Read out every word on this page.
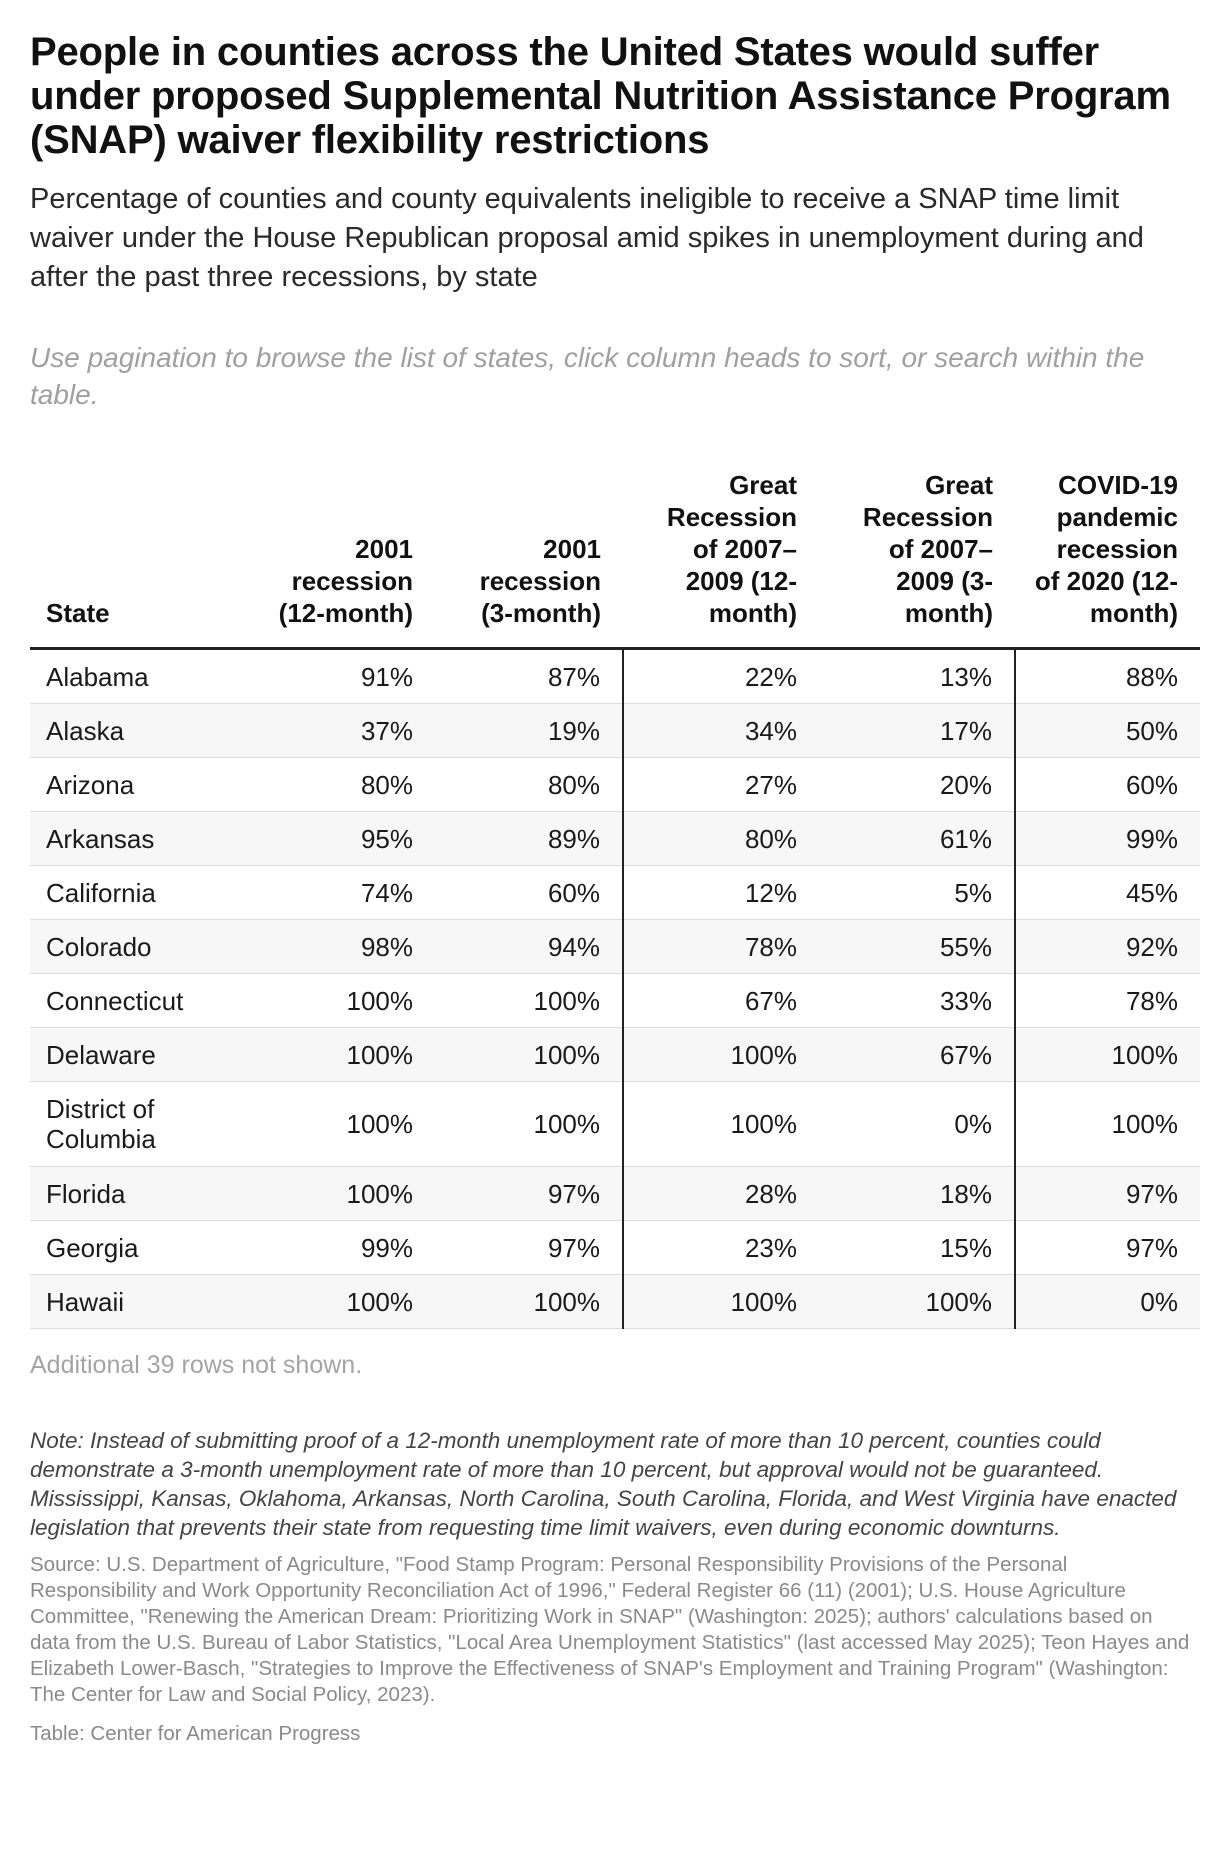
People in counties across the United States would suffer under proposed Supplemental Nutrition Assistance Program (SNAP) waiver flexibility restrictions
Percentage of counties and county equivalents ineligible to receive a SNAP time limit waiver under the House Republican proposal amid spikes in unemployment during and after the past three recessions, by state
Use pagination to browse the list of states, click column heads to sort, or search within the table.
State	2001 recession (12-month)	2001 recession (3-month)	Great Recession of 2007–2009 (12-month)	Great Recession of 2007–2009 (3-month)	COVID-19 pandemic recession of 2020 (12-month)
Alabama	91%	87%	22%	13%	88%
Alaska	37%	19%	34%	17%	50%
Arizona	80%	80%	27%	20%	60%
Arkansas	95%	89%	80%	61%	99%
California	74%	60%	12%	5%	45%
Colorado	98%	94%	78%	55%	92%
Connecticut	100%	100%	67%	33%	78%
Delaware	100%	100%	100%	67%	100%
District of Columbia	100%	100%	100%	0%	100%
Florida	100%	97%	28%	18%	97%
Georgia	99%	97%	23%	15%	97%
Hawaii	100%	100%	100%	100%	0%
Additional 39 rows not shown.
Note: Instead of submitting proof of a 12-month unemployment rate of more than 10 percent, counties could demonstrate a 3-month unemployment rate of more than 10 percent, but approval would not be guaranteed. Mississippi, Kansas, Oklahoma, Arkansas, North Carolina, South Carolina, Florida, and West Virginia have enacted legislation that prevents their state from requesting time limit waivers, even during economic downturns.
Source: U.S. Department of Agriculture, "Food Stamp Program: Personal Responsibility Provisions of the Personal Responsibility and Work Opportunity Reconciliation Act of 1996," Federal Register 66 (11) (2001); U.S. House Agriculture Committee, "Renewing the American Dream: Prioritizing Work in SNAP" (Washington: 2025); authors' calculations based on data from the U.S. Bureau of Labor Statistics, "Local Area Unemployment Statistics" (last accessed May 2025); Teon Hayes and Elizabeth Lower-Basch, "Strategies to Improve the Effectiveness of SNAP's Employment and Training Program" (Washington: The Center for Law and Social Policy, 2023).
Table: Center for American Progress
